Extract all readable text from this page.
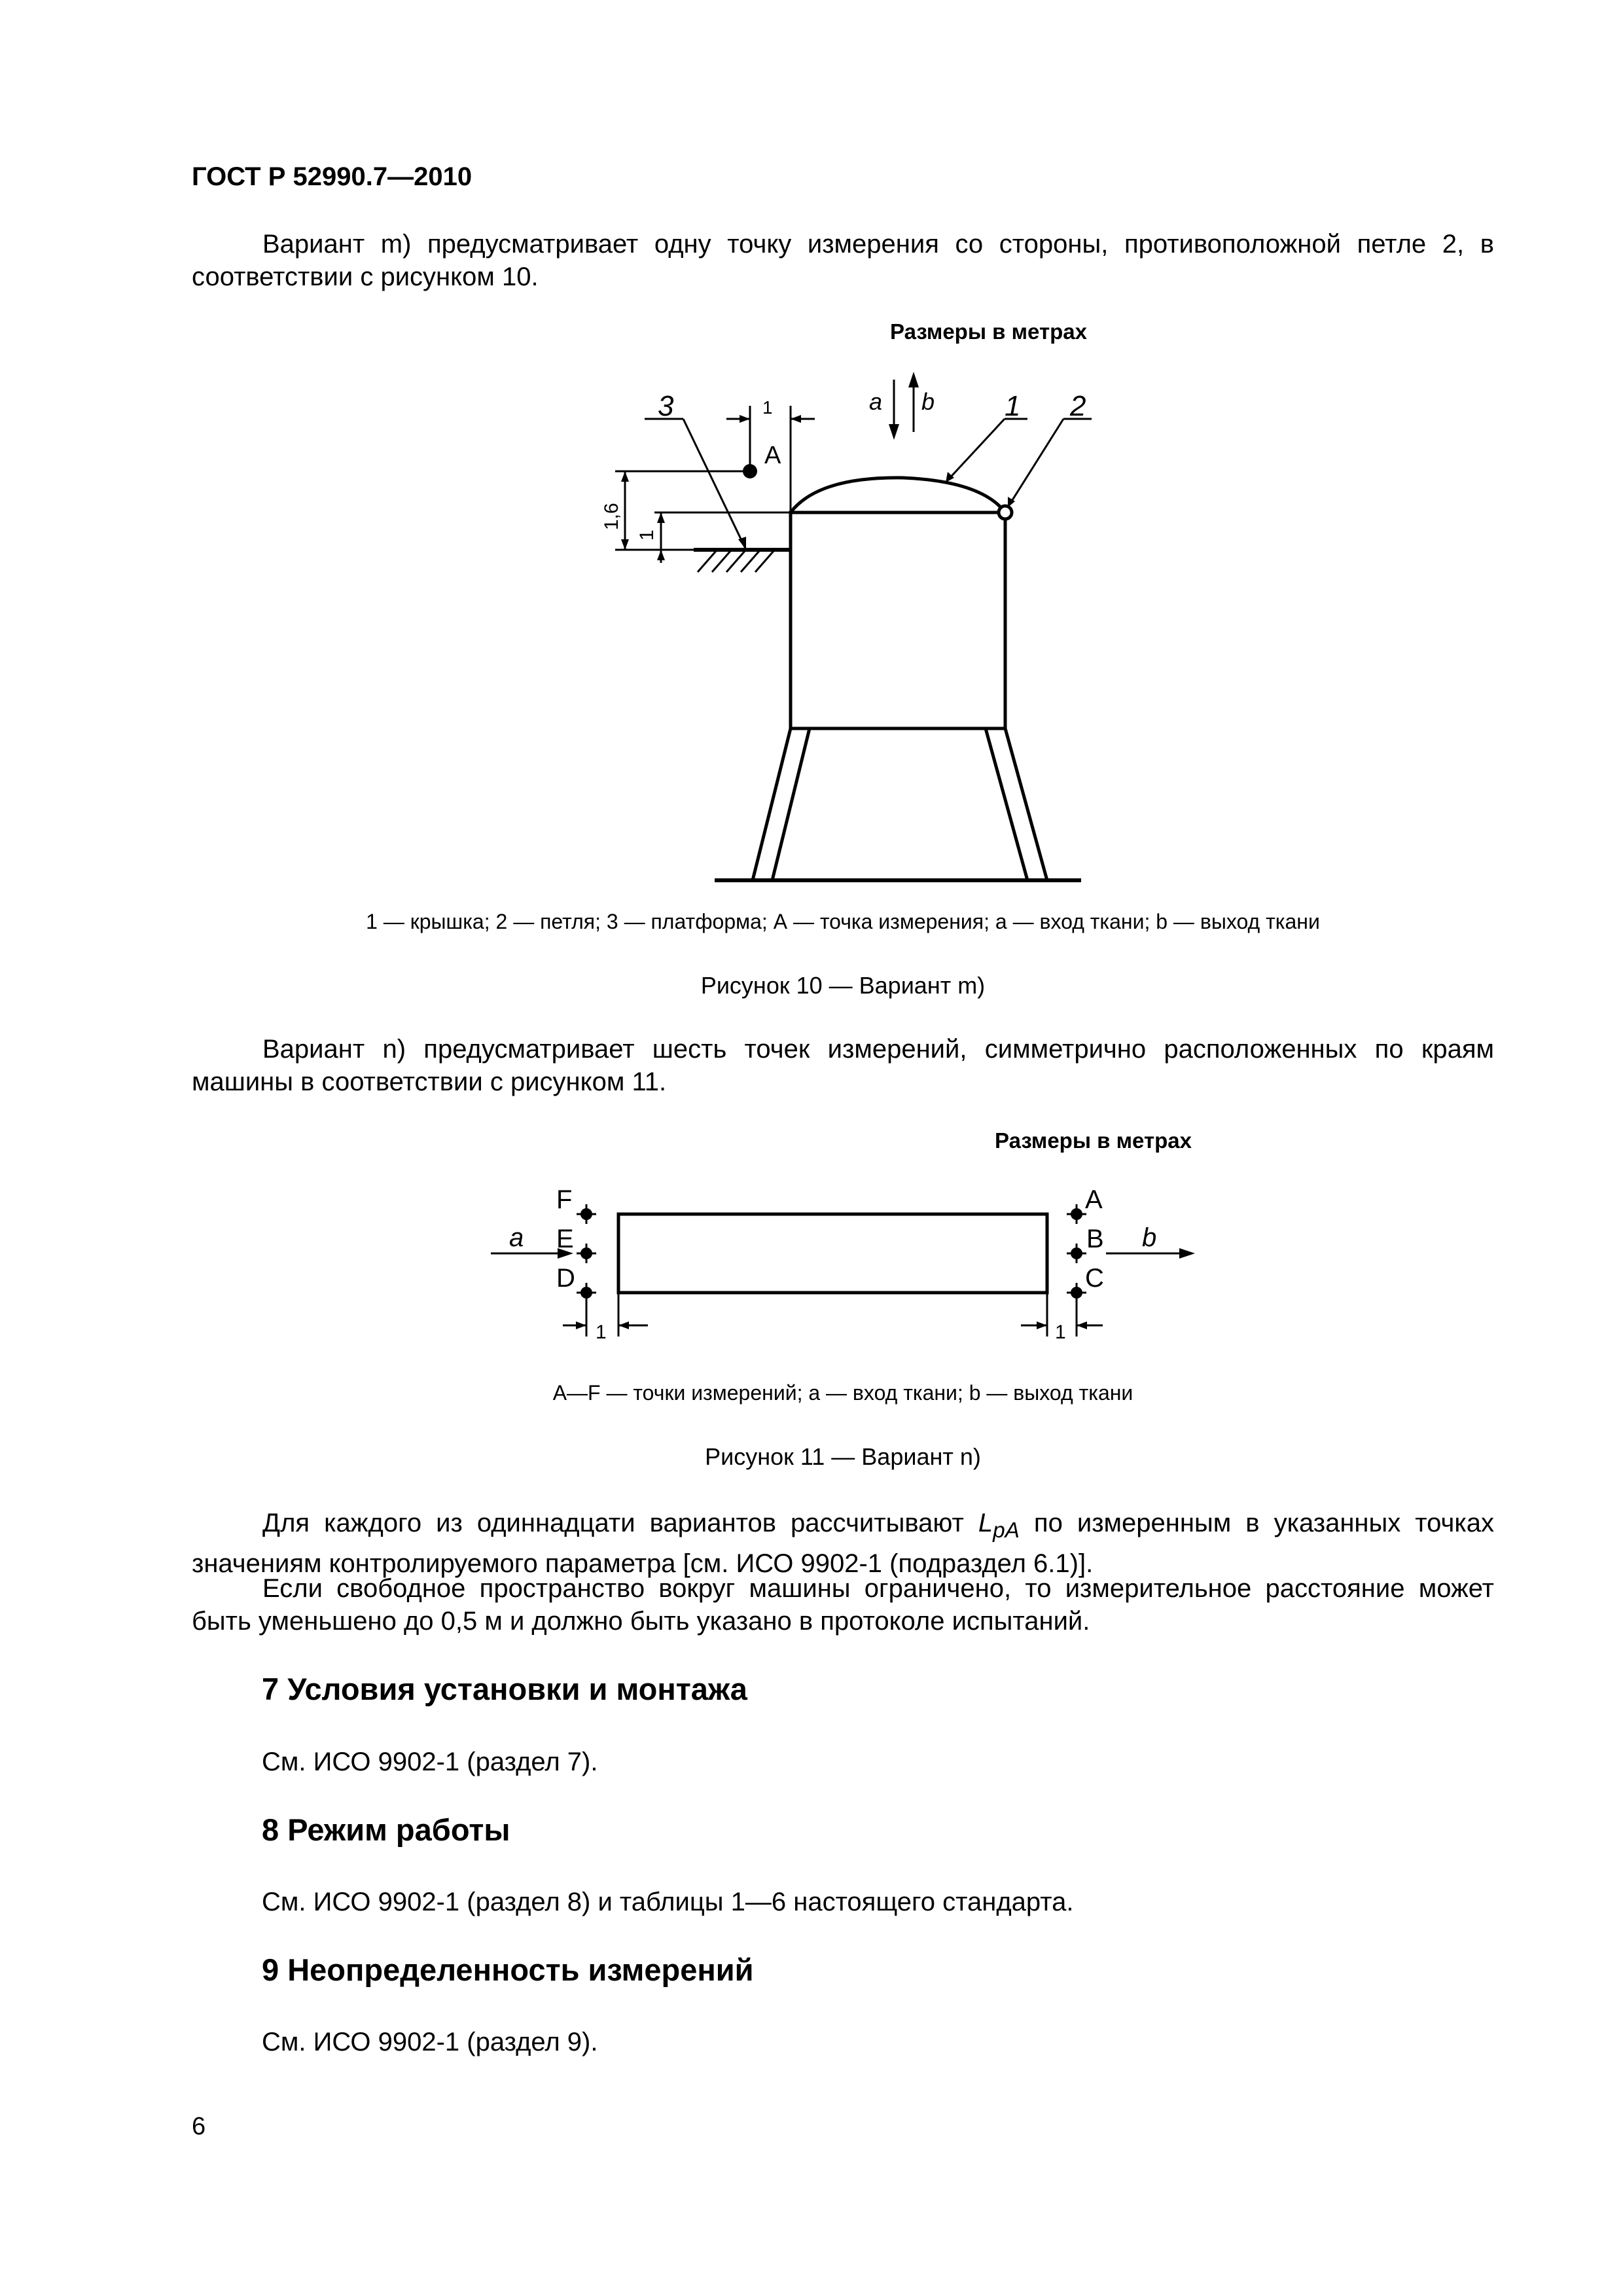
ГОСТ Р 52990.7—2010
Вариант m) предусматривает одну точку измерения со стороны, противоположной петле 2, в соответствии с рисунком 10.
Размеры в метрах
A
1
3	1 2
a b
1,6
1
1 — крышка; 2 — петля; 3 — платформа; А — точка измерения; a — вход ткани; b — выход ткани
Рисунок 10 — Вариант m)
Вариант n) предусматривает шесть точек измерений, симметрично расположенных по краям машины в соответствии с рисунком 11.
Размеры в метрах
F
E
D
A
B
C
a	b
1	1
А—F — точки измерений; a — вход ткани; b — выход ткани
Рисунок 11 — Вариант n)
Для каждого из одиннадцати вариантов рассчитывают $L_{pA}$ по измеренным в указанных точках значениям контролируемого параметра [см. ИСО 9902-1 (подраздел 6.1)].
Если свободное пространство вокруг машины ограничено, то измерительное расстояние может быть уменьшено до 0,5 м и должно быть указано в протоколе испытаний.
7 Условия установки и монтажа
См. ИСО 9902-1 (раздел 7).
8 Режим работы
См. ИСО 9902-1 (раздел 8) и таблицы 1—6 настоящего стандарта.
9 Неопределенность измерений
См. ИСО 9902-1 (раздел 9).
6
